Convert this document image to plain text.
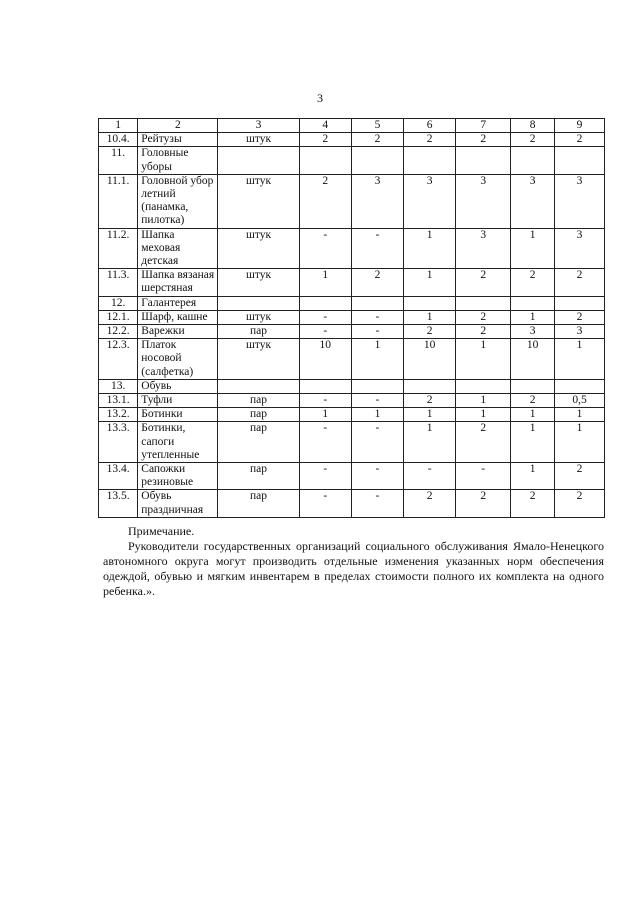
3
1	2	3	4	5	6	7	8	9
10.4.	Рейтузы	штук	2	2	2	2	2	2
11.	Головные уборы							
11.1.	Головной убор летний (панамка, пилотка)	штук	2	3	3	3	3	3
11.2.	Шапка меховая детская	штук	-	-	1	3	1	3
11.3.	Шапка вязаная шерстяная	штук	1	2	1	2	2	2
12.	Галантерея							
12.1.	Шарф, кашне	штук	-	-	1	2	1	2
12.2.	Варежки	пар	-	-	2	2	3	3
12.3.	Платок носовой (салфетка)	штук	10	1	10	1	10	1
13.	Обувь							
13.1.	Туфли	пар	-	-	2	1	2	0,5
13.2.	Ботинки	пар	1	1	1	1	1	1
13.3.	Ботинки, сапоги утепленные	пар	-	-	1	2	1	1
13.4.	Сапожки резиновые	пар	-	-	-	-	1	2
13.5.	Обувь праздничная	пар	-	-	2	2	2	2

Примечание.

Руководители государственных организаций социального обслуживания Ямало-Ненецкого автономного округа могут производить отдельные изменения указанных норм обеспечения одеждой, обувью и мягким инвентарем в пределах стоимости полного их комплекта на одного ребенка.».
